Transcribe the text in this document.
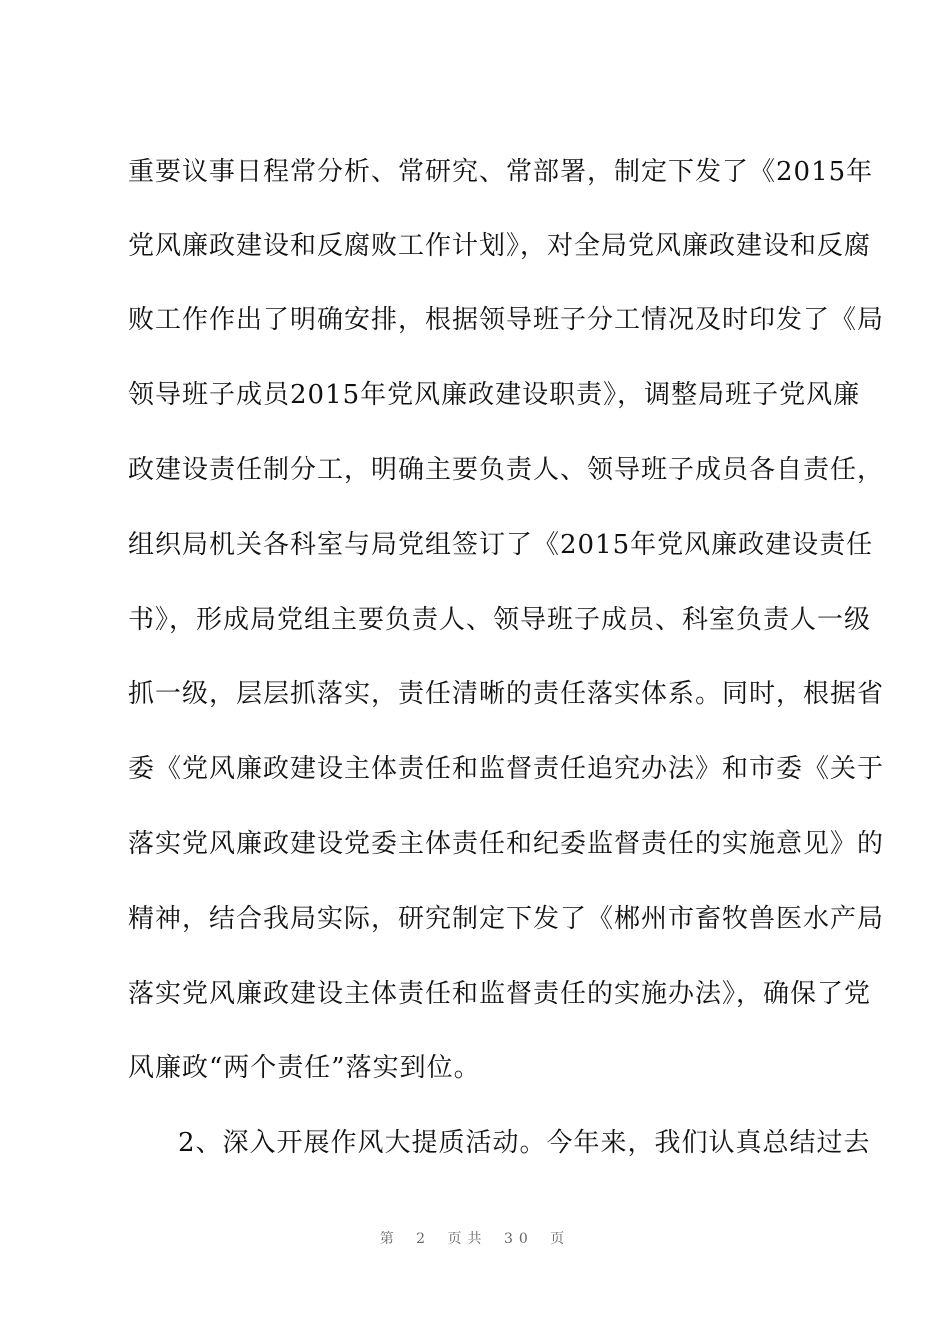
重要议事日程常分析、常研究、常部署，制定下发了《2015年
党风廉政建设和反腐败工作计划》，对全局党风廉政建设和反腐
败工作作出了明确安排，根据领导班子分工情况及时印发了《局
领导班子成员2015年党风廉政建设职责》，调整局班子党风廉
政建设责任制分工，明确主要负责人、领导班子成员各自责任，
组织局机关各科室与局党组签订了《2015年党风廉政建设责任
书》，形成局党组主要负责人、领导班子成员、科室负责人一级
抓一级，层层抓落实，责任清晰的责任落实体系。同时，根据省
委《党风廉政建设主体责任和监督责任追究办法》和市委《关于
落实党风廉政建设党委主体责任和纪委监督责任的实施意见》的
精神，结合我局实际，研究制定下发了《郴州市畜牧兽医水产局
落实党风廉政建设主体责任和监督责任的实施办法》，确保了党
风廉政“两个责任”落实到位。
2、深入开展作风大提质活动。今年来，我们认真总结过去
第 2 页共 30 页
